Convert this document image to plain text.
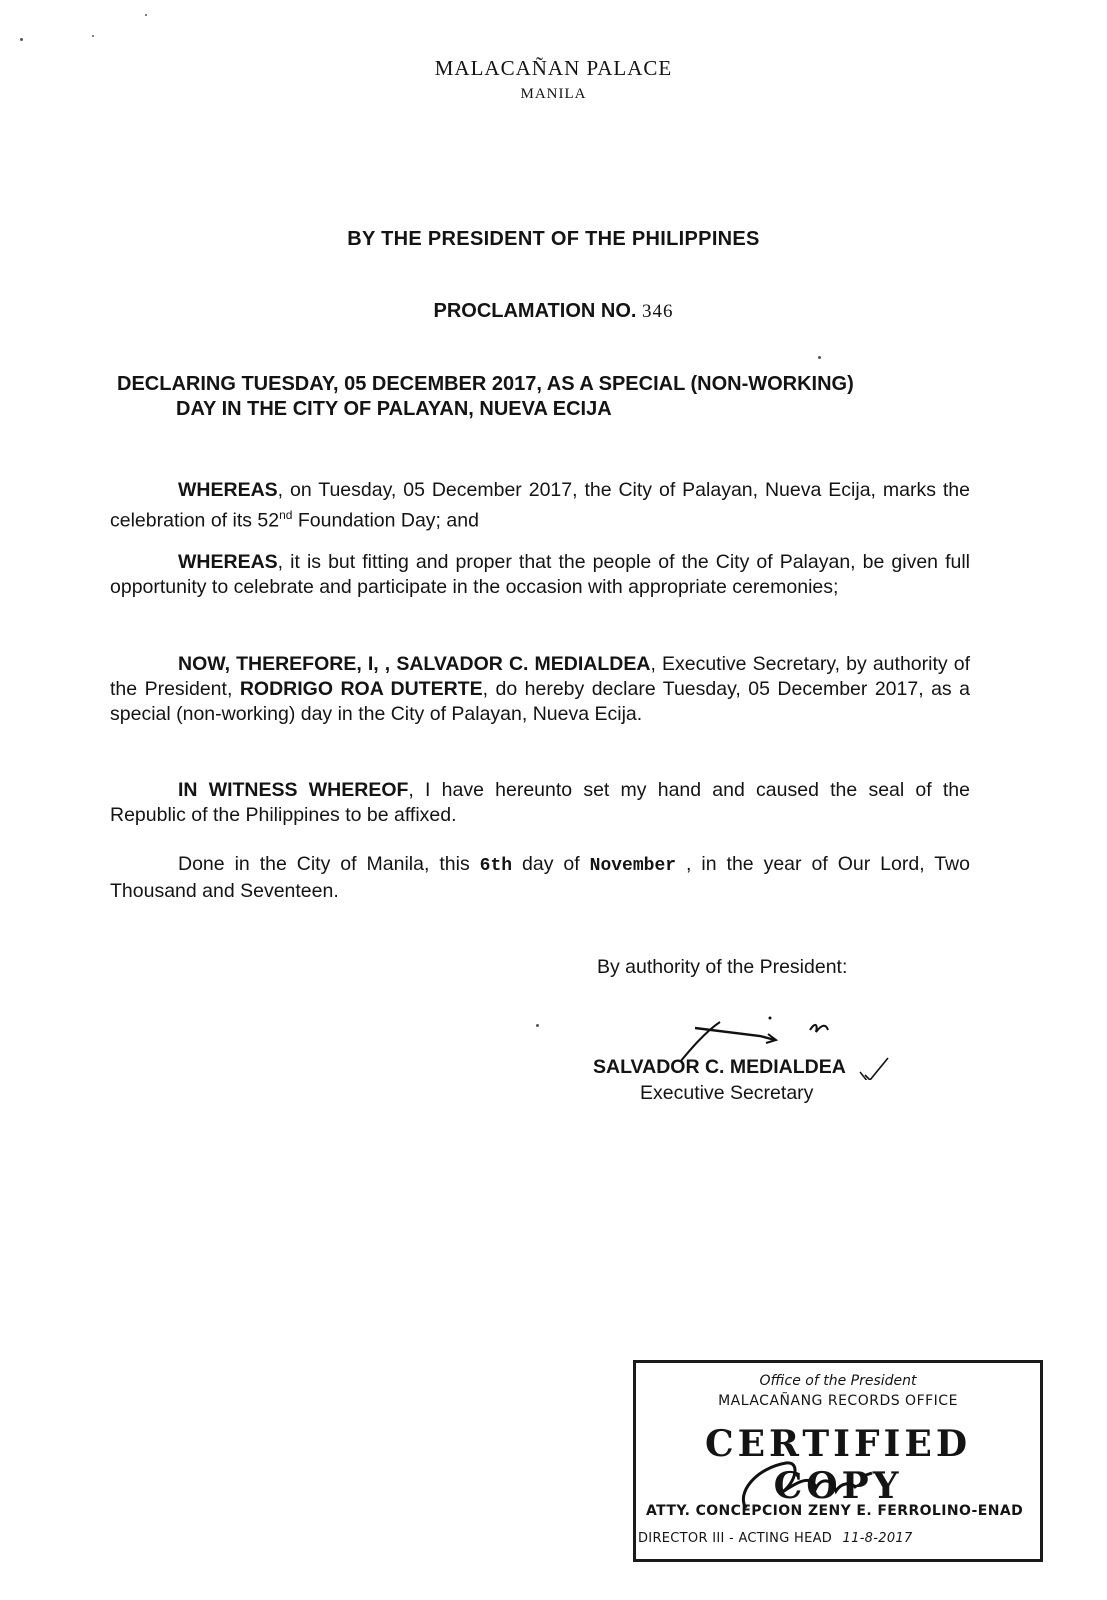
MALACAÑAN PALACE
MANILA
BY THE PRESIDENT OF THE PHILIPPINES
PROCLAMATION NO. 346
DECLARING TUESDAY, 05 DECEMBER 2017, AS A SPECIAL (NON-WORKING)
DAY IN THE CITY OF PALAYAN, NUEVA ECIJA
WHEREAS, on Tuesday, 05 December 2017, the City of Palayan, Nueva Ecija, marks the celebration of its 52nd Foundation Day; and
WHEREAS, it is but fitting and proper that the people of the City of Palayan, be given full opportunity to celebrate and participate in the occasion with appropriate ceremonies;
NOW, THEREFORE, I, , SALVADOR C. MEDIALDEA, Executive Secretary, by authority of the President, RODRIGO ROA DUTERTE, do hereby declare Tuesday, 05 December 2017, as a special (non-working) day in the City of Palayan, Nueva Ecija.
IN WITNESS WHEREOF, I have hereunto set my hand and caused the seal of the Republic of the Philippines to be affixed.
Done in the City of Manila, this 6th day of November , in the year of Our Lord, Two Thousand and Seventeen.
By authority of the President:
SALVADOR C. MEDIALDEA
Executive Secretary
Office of the President
MALACAÑANG RECORDS OFFICE
CERTIFIED COPY
ATTY. CONCEPCION ZENY E. FERROLINO-ENAD
DIRECTOR III - ACTING HEAD 11-8-2017
